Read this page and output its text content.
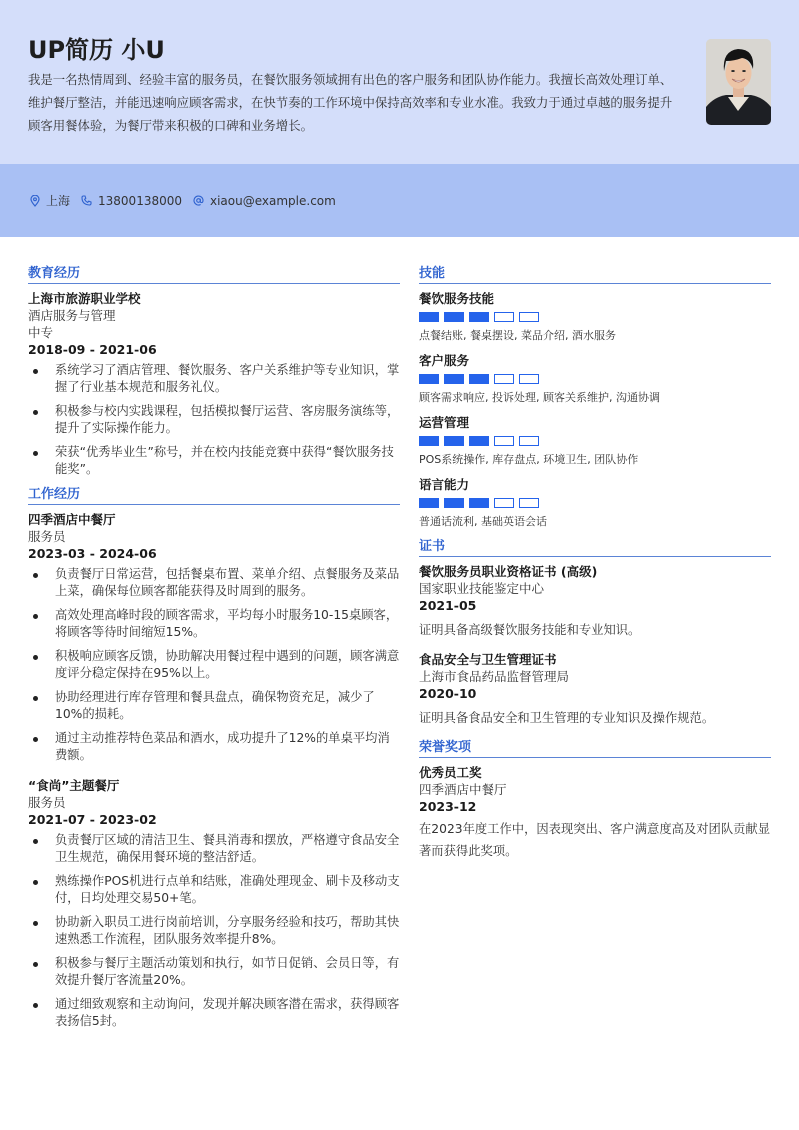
UP简历 小U
我是一名热情周到、经验丰富的服务员，在餐饮服务领域拥有出色的客户服务和团队协作能力。我擅长高效处理订单、维护餐厅整洁，并能迅速响应顾客需求，在快节奏的工作环境中保持高效率和专业水准。我致力于通过卓越的服务提升顾客用餐体验，为餐厅带来积极的口碑和业务增长。
上海 13800138000 xiaou@example.com
教育经历
上海市旅游职业学校
酒店服务与管理
中专
2018-09 - 2021-06
系统学习了酒店管理、餐饮服务、客户关系维护等专业知识，掌握了行业基本规范和服务礼仪。
积极参与校内实践课程，包括模拟餐厅运营、客房服务演练等，提升了实际操作能力。
荣获“优秀毕业生”称号，并在校内技能竞赛中获得“餐饮服务技能奖”。
工作经历
四季酒店中餐厅
服务员
2023-03 - 2024-06
负责餐厅日常运营，包括餐桌布置、菜单介绍、点餐服务及菜品上菜，确保每位顾客都能获得及时周到的服务。
高效处理高峰时段的顾客需求，平均每小时服务10-15桌顾客，将顾客等待时间缩短15%。
积极响应顾客反馈，协助解决用餐过程中遇到的问题，顾客满意度评分稳定保持在95%以上。
协助经理进行库存管理和餐具盘点，确保物资充足，减少了10%的损耗。
通过主动推荐特色菜品和酒水，成功提升了12%的单桌平均消费额。
“食尚”主题餐厅
服务员
2021-07 - 2023-02
负责餐厅区域的清洁卫生、餐具消毒和摆放，严格遵守食品安全卫生规范，确保用餐环境的整洁舒适。
熟练操作POS机进行点单和结账，准确处理现金、刷卡及移动支付，日均处理交易50+笔。
协助新入职员工进行岗前培训，分享服务经验和技巧，帮助其快速熟悉工作流程，团队服务效率提升8%。
积极参与餐厅主题活动策划和执行，如节日促销、会员日等，有效提升餐厅客流量20%。
通过细致观察和主动询问，发现并解决顾客潜在需求，获得顾客表扬信5封。
技能
餐饮服务技能
点餐结账, 餐桌摆设, 菜品介绍, 酒水服务
客户服务
顾客需求响应, 投诉处理, 顾客关系维护, 沟通协调
运营管理
POS系统操作, 库存盘点, 环境卫生, 团队协作
语言能力
普通话流利, 基础英语会话
证书
餐饮服务员职业资格证书 (高级)
国家职业技能鉴定中心
2021-05
证明具备高级餐饮服务技能和专业知识。
食品安全与卫生管理证书
上海市食品药品监督管理局
2020-10
证明具备食品安全和卫生管理的专业知识及操作规范。
荣誉奖项
优秀员工奖
四季酒店中餐厅
2023-12
在2023年度工作中，因表现突出、客户满意度高及对团队贡献显著而获得此奖项。
